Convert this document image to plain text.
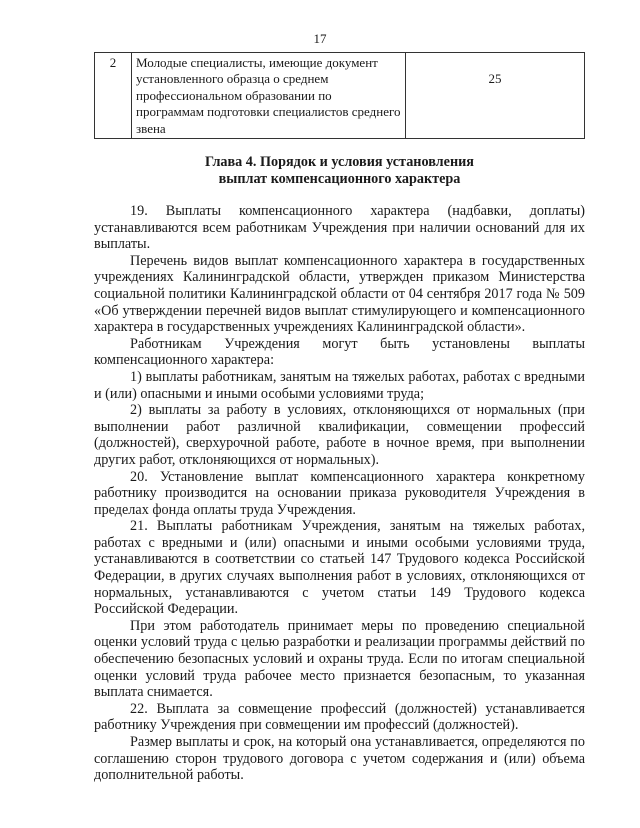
17
2	Молодые специалисты, имеющие документ установленного образца о среднем профессиональном образовании по программам подготовки специалистов среднего звена	25
Глава 4. Порядок и условия установления
выплат компенсационного характера

19. Выплаты компенсационного характера (надбавки, доплаты) устанавливаются всем работникам Учреждения при наличии оснований для их выплаты.

Перечень видов выплат компенсационного характера в государственных учреждениях Калининградской области, утвержден приказом Министерства социальной политики Калининградской области от 04 сентября 2017 года № 509 «Об утверждении перечней видов выплат стимулирующего и компенсационного характера в государственных учреждениях Калининградской области».

Работникам Учреждения могут быть установлены выплаты компенсационного характера:

1) выплаты работникам, занятым на тяжелых работах, работах с вредными и (или) опасными и иными особыми условиями труда;

2) выплаты за работу в условиях, отклоняющихся от нормальных (при выполнении работ различной квалификации, совмещении профессий (должностей), сверхурочной работе, работе в ночное время, при выполнении других работ, отклоняющихся от нормальных).

20. Установление выплат компенсационного характера конкретному работнику производится на основании приказа руководителя Учреждения в пределах фонда оплаты труда Учреждения.

21. Выплаты работникам Учреждения, занятым на тяжелых работах, работах с вредными и (или) опасными и иными особыми условиями труда, устанавливаются в соответствии со статьей 147 Трудового кодекса Российской Федерации, в других случаях выполнения работ в условиях, отклоняющихся от нормальных, устанавливаются с учетом статьи 149 Трудового кодекса Российской Федерации.

При этом работодатель принимает меры по проведению специальной оценки условий труда с целью разработки и реализации программы действий по обеспечению безопасных условий и охраны труда. Если по итогам специальной оценки условий труда рабочее место признается безопасным, то указанная выплата снимается.

22. Выплата за совмещение профессий (должностей) устанавливается работнику Учреждения при совмещении им профессий (должностей).

Размер выплаты и срок, на который она устанавливается, определяются по соглашению сторон трудового договора с учетом содержания и (или) объема дополнительной работы.
